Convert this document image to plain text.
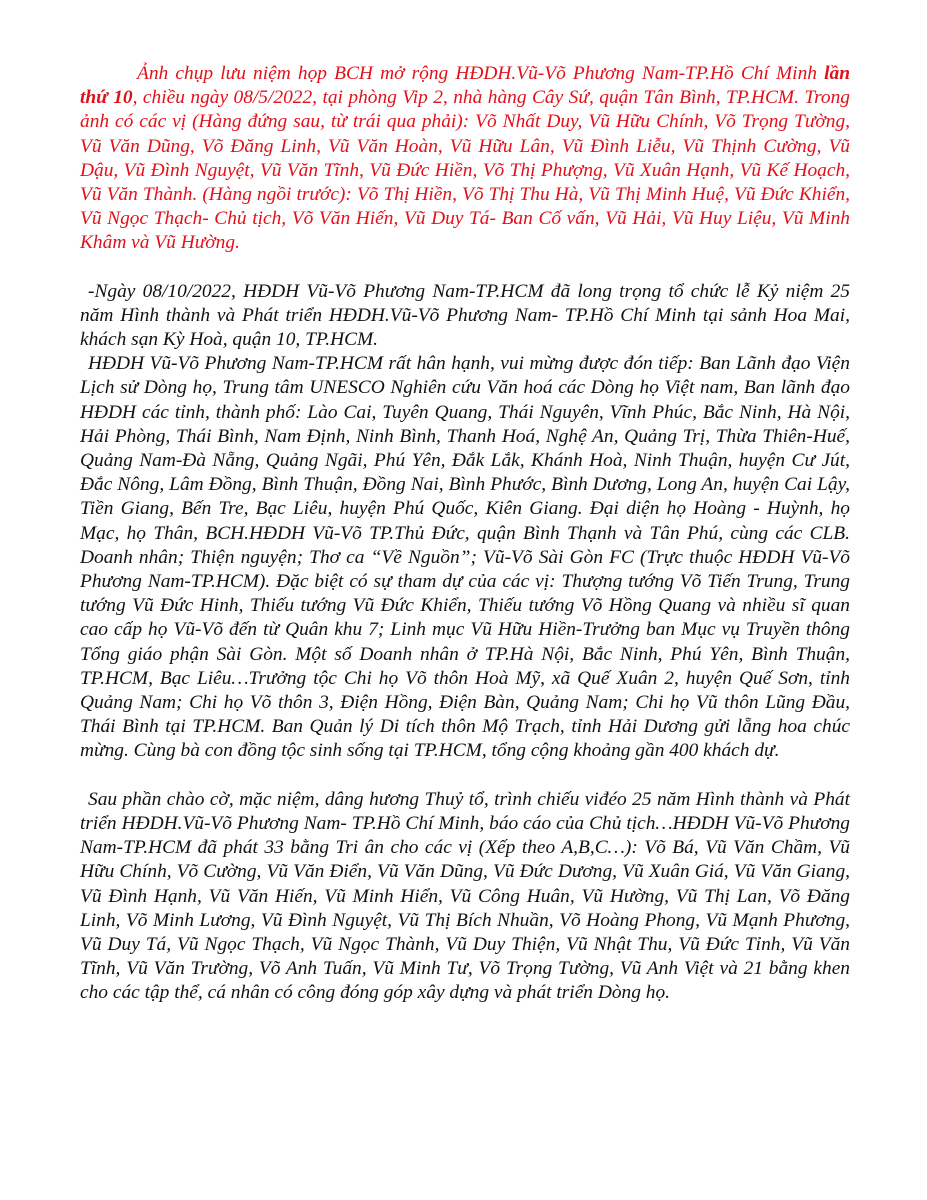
Ảnh chụp lưu niệm họp BCH mở rộng HĐDH.Vũ-Võ Phương Nam-TP.Hồ Chí Minh lần thứ 10, chiều ngày 08/5/2022, tại phòng Vip 2, nhà hàng Cây Sứ, quận Tân Bình, TP.HCM. Trong ảnh có các vị (Hàng đứng sau, từ trái qua phải): Võ Nhất Duy, Vũ Hữu Chính, Võ Trọng Tường, Vũ Văn Dũng, Võ Đăng Linh, Vũ Văn Hoàn, Vũ Hữu Lân, Vũ Đình Liễu, Vũ Thịnh Cường, Vũ Dậu, Vũ Đình Nguyệt, Vũ Văn Tĩnh, Vũ Đức Hiền, Võ Thị Phượng, Vũ Xuân Hạnh, Vũ Kế Hoạch, Vũ Văn Thành. (Hàng ngồi trước): Võ Thị Hiền, Võ Thị Thu Hà, Vũ Thị Minh Huệ, Vũ Đức Khiển, Vũ Ngọc Thạch- Chủ tịch, Võ Văn Hiến, Vũ Duy Tá- Ban Cố vấn, Vũ Hải, Vũ Huy Liệu, Vũ Minh Khâm và Vũ Hường.

-Ngày 08/10/2022, HĐDH Vũ-Võ Phương Nam-TP.HCM đã long trọng tổ chức lễ Kỷ niệm 25 năm Hình thành và Phát triển HĐDH.Vũ-Võ Phương Nam- TP.Hồ Chí Minh tại sảnh Hoa Mai, khách sạn Kỳ Hoà, quận 10, TP.HCM.

HĐDH Vũ-Võ Phương Nam-TP.HCM rất hân hạnh, vui mừng được đón tiếp: Ban Lãnh đạo Viện Lịch sử Dòng họ, Trung tâm UNESCO Nghiên cứu Văn hoá các Dòng họ Việt nam, Ban lãnh đạo HĐDH các tỉnh, thành phố: Lào Cai, Tuyên Quang, Thái Nguyên, Vĩnh Phúc, Bắc Ninh, Hà Nội, Hải Phòng, Thái Bình, Nam Định, Ninh Bình, Thanh Hoá, Nghệ An, Quảng Trị, Thừa Thiên-Huế, Quảng Nam-Đà Nẵng, Quảng Ngãi, Phú Yên, Đắk Lắk, Khánh Hoà, Ninh Thuận, huyện Cư Jút, Đắc Nông, Lâm Đồng, Bình Thuận, Đồng Nai, Bình Phước, Bình Dương, Long An, huyện Cai Lậy, Tiền Giang, Bến Tre, Bạc Liêu, huyện Phú Quốc, Kiên Giang. Đại diện họ Hoàng - Huỳnh, họ Mạc, họ Thân, BCH.HĐDH Vũ-Võ TP.Thủ Đức, quận Bình Thạnh và Tân Phú, cùng các CLB. Doanh nhân; Thiện nguyện; Thơ ca “Về Nguồn”; Vũ-Võ Sài Gòn FC (Trực thuộc HĐDH Vũ-Võ Phương Nam-TP.HCM). Đặc biệt có sự tham dự của các vị: Thượng tướng Võ Tiến Trung, Trung tướng Vũ Đức Hinh, Thiếu tướng Vũ Đức Khiển, Thiếu tướng Võ Hồng Quang và nhiều sĩ quan cao cấp họ Vũ-Võ đến từ Quân khu 7; Linh mục Vũ Hữu Hiền-Trưởng ban Mục vụ Truyền thông Tổng giáo phận Sài Gòn. Một số Doanh nhân ở TP.Hà Nội, Bắc Ninh, Phú Yên, Bình Thuận, TP.HCM, Bạc Liêu…Trưởng tộc Chi họ Võ thôn Hoà Mỹ, xã Quế Xuân 2, huyện Quế Sơn, tỉnh Quảng Nam; Chi họ Võ thôn 3, Điện Hồng, Điện Bàn, Quảng Nam; Chi họ Vũ thôn Lũng Đầu, Thái Bình tại TP.HCM. Ban Quản lý Di tích thôn Mộ Trạch, tỉnh Hải Dương gửi lẵng hoa chúc mừng. Cùng bà con đồng tộc sinh sống tại TP.HCM, tổng cộng khoảng gần 400 khách dự.

Sau phần chào cờ, mặc niệm, dâng hương Thuỷ tổ, trình chiếu viđéo 25 năm Hình thành và Phát triển HĐDH.Vũ-Võ Phương Nam- TP.Hồ Chí Minh, báo cáo của Chủ tịch…HĐDH Vũ-Võ Phương Nam-TP.HCM đã phát 33 bằng Tri ân cho các vị (Xếp theo A,B,C…): Võ Bá, Vũ Văn Chầm, Vũ Hữu Chính, Võ Cường, Vũ Văn Điển, Vũ Văn Dũng, Vũ Đức Dương, Vũ Xuân Giá, Vũ Văn Giang, Vũ Đình Hạnh, Vũ Văn Hiến, Vũ Minh Hiển, Vũ Công Huân, Vũ Hường, Vũ Thị Lan, Võ Đăng Linh, Võ Minh Lương, Vũ Đình Nguyệt, Vũ Thị Bích Nhuần, Võ Hoàng Phong, Vũ Mạnh Phương, Vũ Duy Tá, Vũ Ngọc Thạch, Vũ Ngọc Thành, Vũ Duy Thiện, Vũ Nhật Thu, Vũ Đức Tỉnh, Vũ Văn Tĩnh, Vũ Văn Trường, Võ Anh Tuấn, Vũ Minh Tư, Võ Trọng Tường, Vũ Anh Việt và 21 bằng khen cho các tập thể, cá nhân có công đóng góp xây dựng và phát triển Dòng họ.
